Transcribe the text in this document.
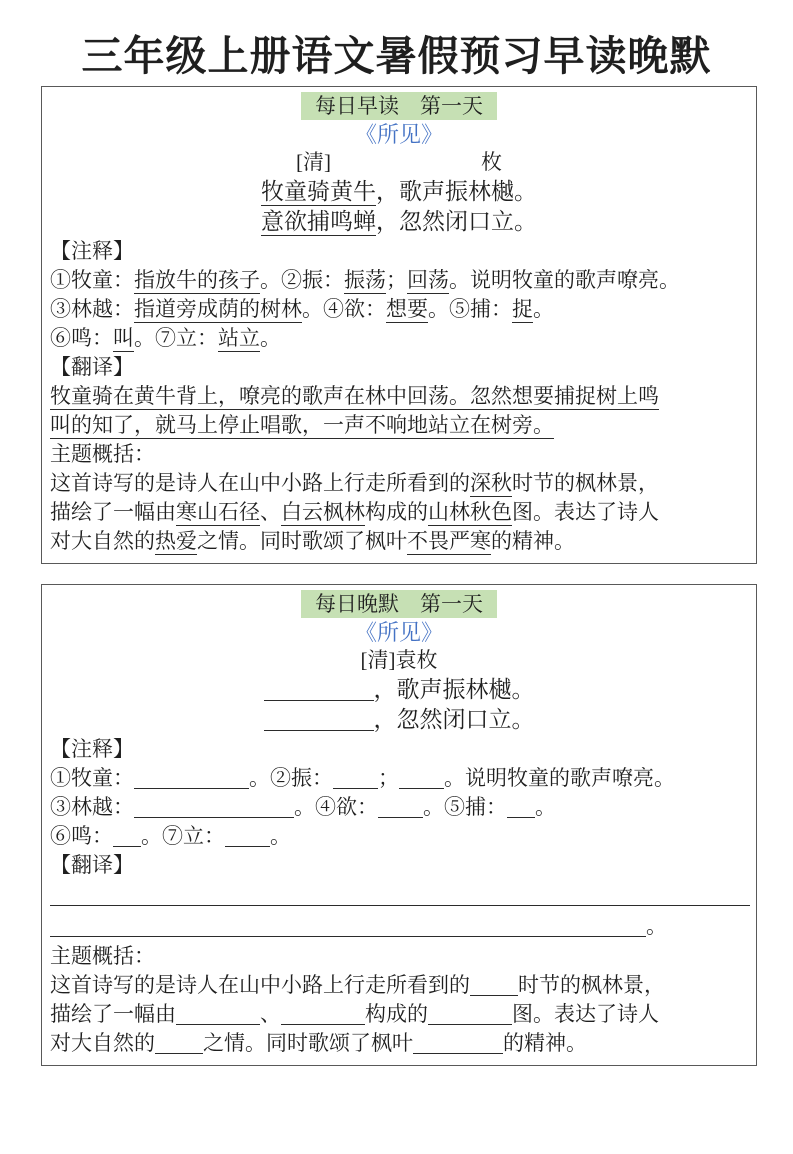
三年级上册语文暑假预习早读晚默
每日早读　第一天
《所见》
[清]	枚
牧童骑黄牛，歌声振林樾。
意欲捕鸣蝉，忽然闭口立。
【注释】
①牧童：指放牛的孩子。②振：振荡；回荡。说明牧童的歌声嘹亮。
③林越：指道旁成荫的树林。④欲：想要。⑤捕：捉。
⑥鸣：叫。⑦立：站立。
【翻译】
牧童骑在黄牛背上，嘹亮的歌声在林中回荡。忽然想要捕捉树上鸣
叫的知了，就马上停止唱歌，一声不响地站立在树旁。
主题概括：
这首诗写的是诗人在山中小路上行走所看到的深秋时节的枫林景，
描绘了一幅由寒山石径、白云枫林构成的山林秋色图。表达了诗人
对大自然的热爱之情。同时歌颂了枫叶不畏严寒的精神。
每日晚默　第一天
《所见》
[清]袁枚
，歌声振林樾。
，忽然闭口立。
【注释】
①牧童：	。②振： ； 。说明牧童的歌声嘹亮。
③林越：	。④欲： 。⑤捕： 。
⑥鸣： 。⑦立： 。
【翻译】
。
主题概括：
这首诗写的是诗人在山中小路上行走所看到的 时节的枫林景，
描绘了一幅由	、	构成的	图。表达了诗人
对大自然的 之情。同时歌颂了枫叶	的精神。
